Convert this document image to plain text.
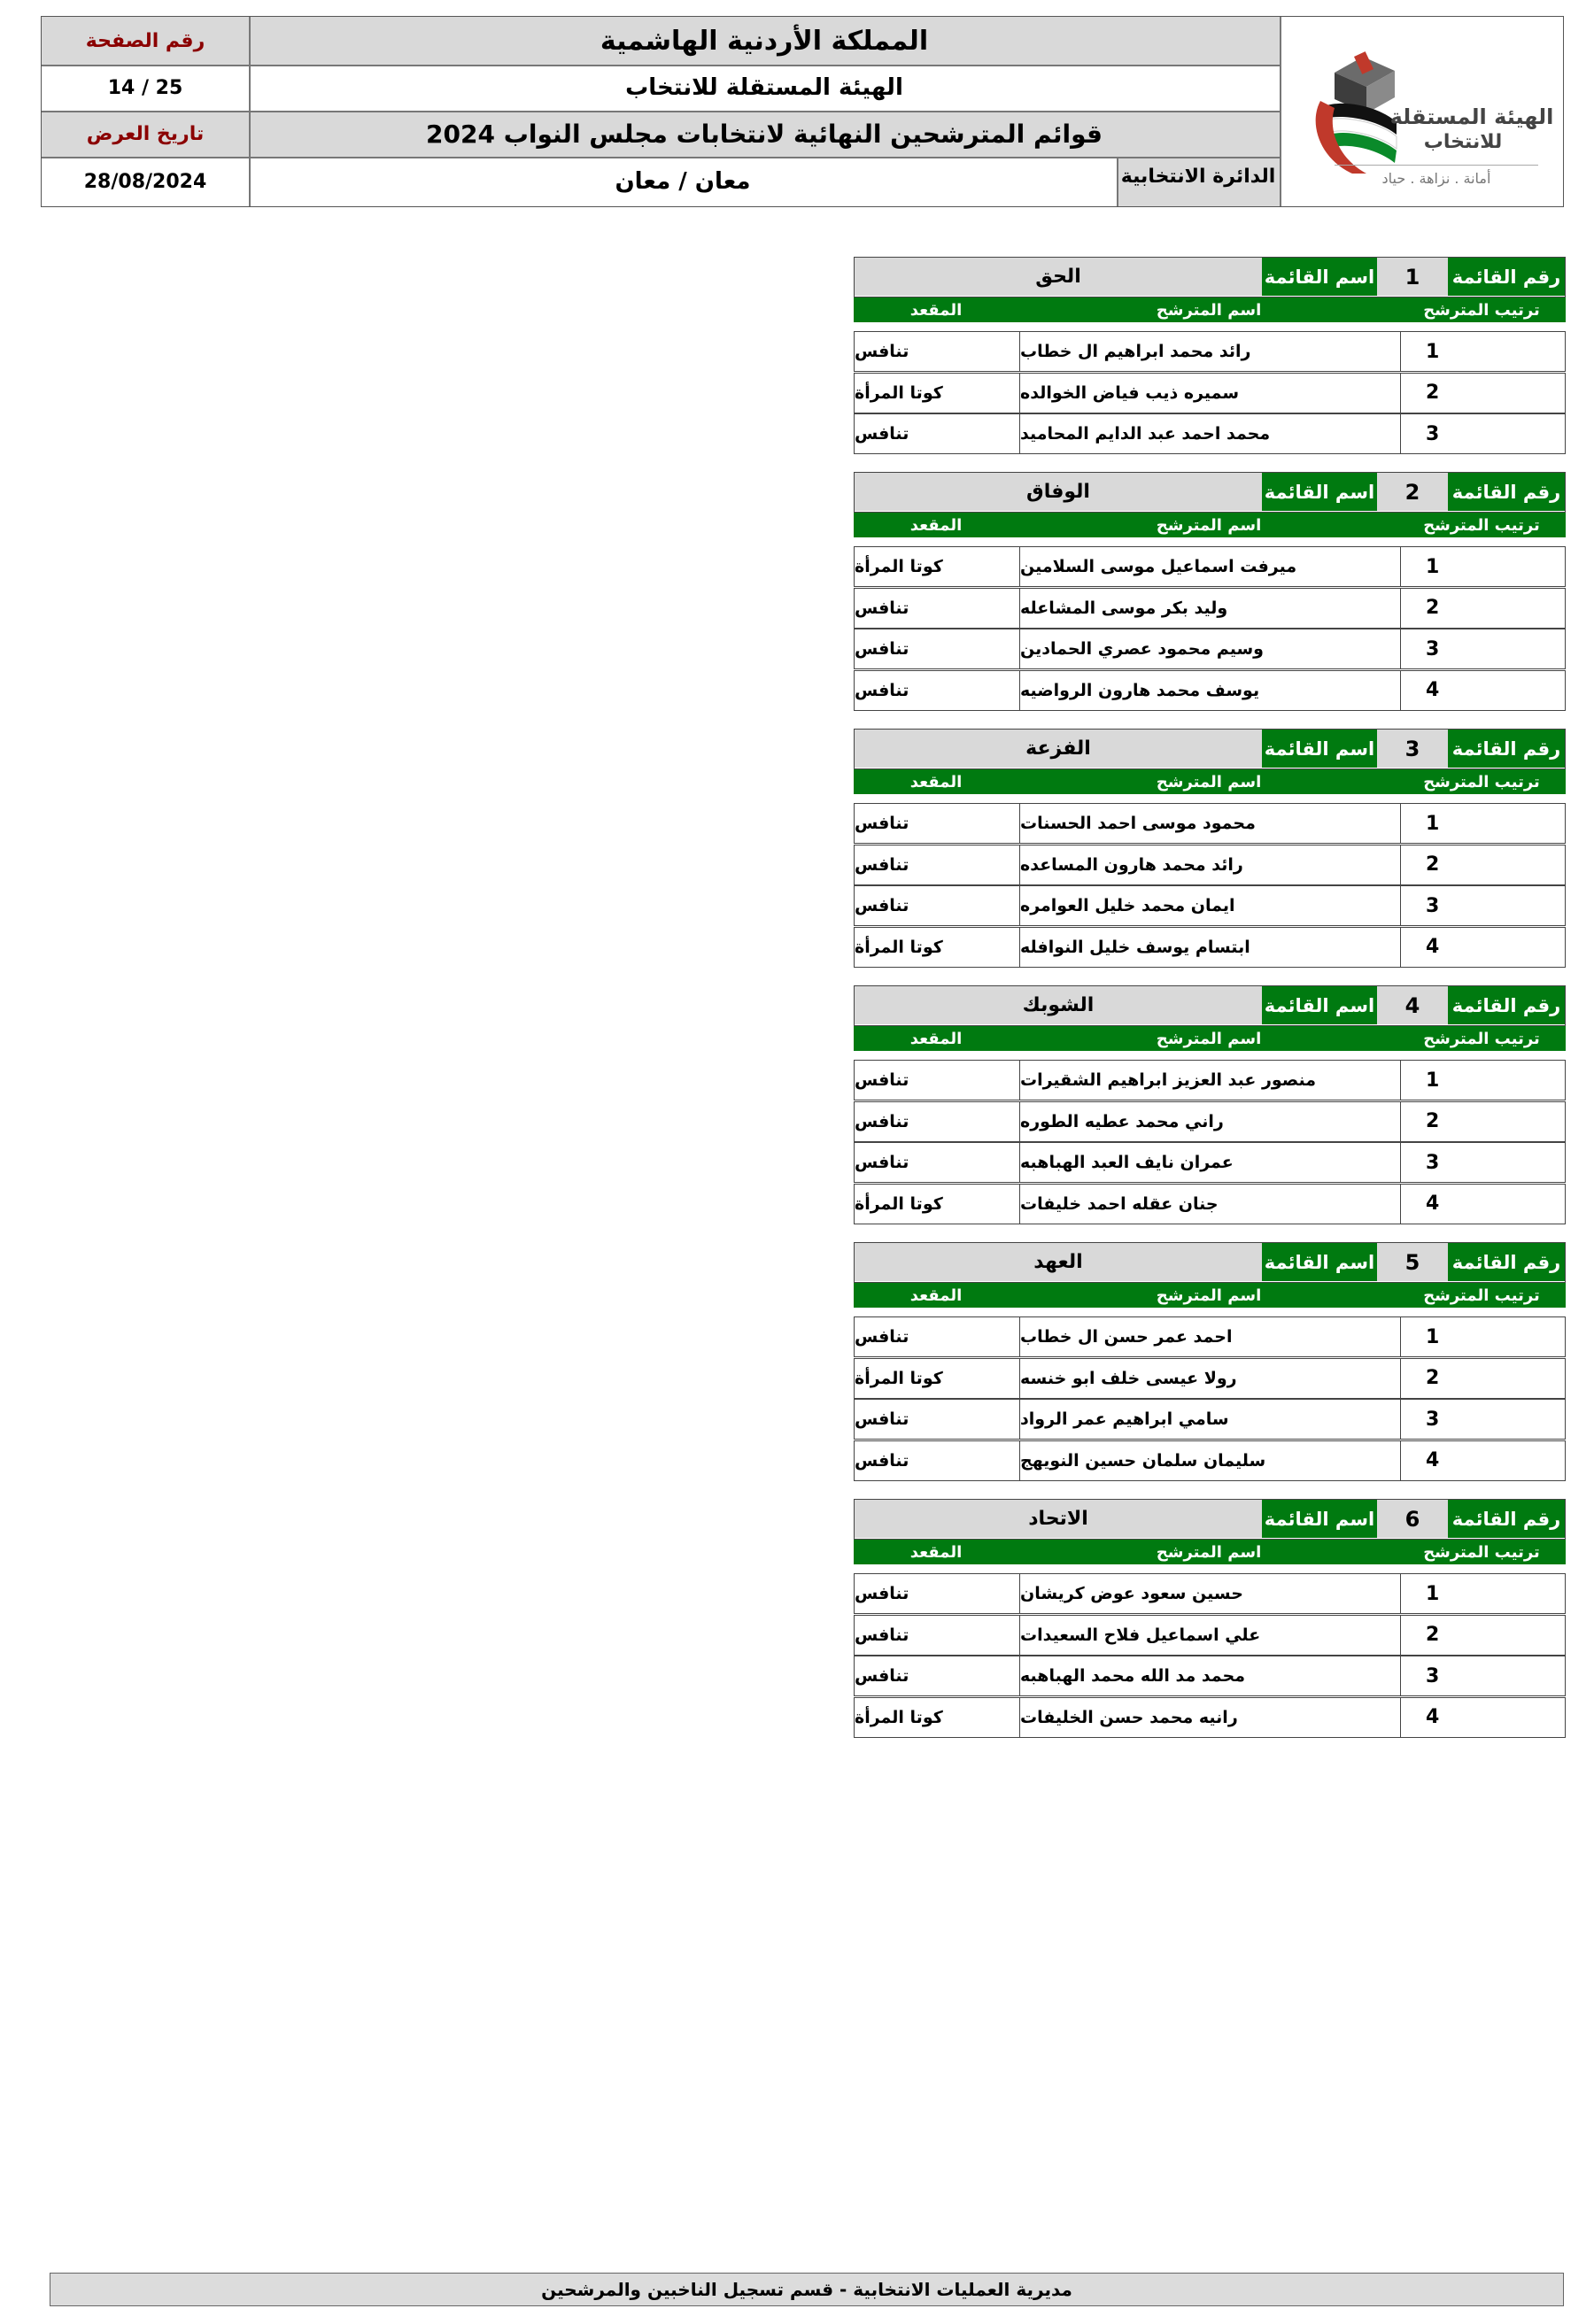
رقم الصفحة
14 / 25
تاريخ العرض
28/08/2024
المملكة الأردنية الهاشمية
الهيئة المستقلة للانتخاب
قوائم المترشحين النهائية لانتخابات مجلس النواب 2024
معان / معان	الدائرة الانتخابية
الهيئة المستقلة
للانتخاب
أمانة . نزاهة . حياد
رقم القائمة
1
اسم القائمة
الحق
ترتيب المترشح
اسم المترشح
المقعد
1
رائد محمد ابراهيم ال خطاب
تنافس
2
سميره ذيب فياض الخوالده
كوتا المرأة
3
محمد احمد عبد الدايم المحاميد
تنافس
رقم القائمة
2
اسم القائمة
الوفاق
ترتيب المترشح
اسم المترشح
المقعد
1
ميرفت اسماعيل موسى السلامين
كوتا المرأة
2
وليد بكر موسى المشاعله
تنافس
3
وسيم محمود عصري الحمادين
تنافس
4
يوسف محمد هارون الرواضيه
تنافس
رقم القائمة
3
اسم القائمة
الفزعة
ترتيب المترشح
اسم المترشح
المقعد
1
محمود موسى احمد الحسنات
تنافس
2
رائد محمد هارون المساعده
تنافس
3
ايمان محمد خليل العوامره
تنافس
4
ابتسام يوسف خليل النوافله
كوتا المرأة
رقم القائمة
4
اسم القائمة
الشوبك
ترتيب المترشح
اسم المترشح
المقعد
1
منصور عبد العزيز ابراهيم الشقيرات
تنافس
2
راني محمد عطيه الطوره
تنافس
3
عمران نايف العبد الهباهبه
تنافس
4
جنان عقله احمد خليفات
كوتا المرأة
رقم القائمة
5
اسم القائمة
العهد
ترتيب المترشح
اسم المترشح
المقعد
1
احمد عمر حسن ال خطاب
تنافس
2
رولا عيسى خلف ابو خنسه
كوتا المرأة
3
سامي ابراهيم عمر الرواد
تنافس
4
سليمان سلمان حسين النويهج
تنافس
رقم القائمة
6
اسم القائمة
الاتحاد
ترتيب المترشح
اسم المترشح
المقعد
1
حسين سعود عوض كريشان
تنافس
2
علي اسماعيل فلاح السعيدات
تنافس
3
محمد مد الله محمد الهباهبه
تنافس
4
رانيه محمد حسن الخليفات
كوتا المرأة
مديرية العمليات الانتخابية - قسم تسجيل الناخبين والمرشحين
